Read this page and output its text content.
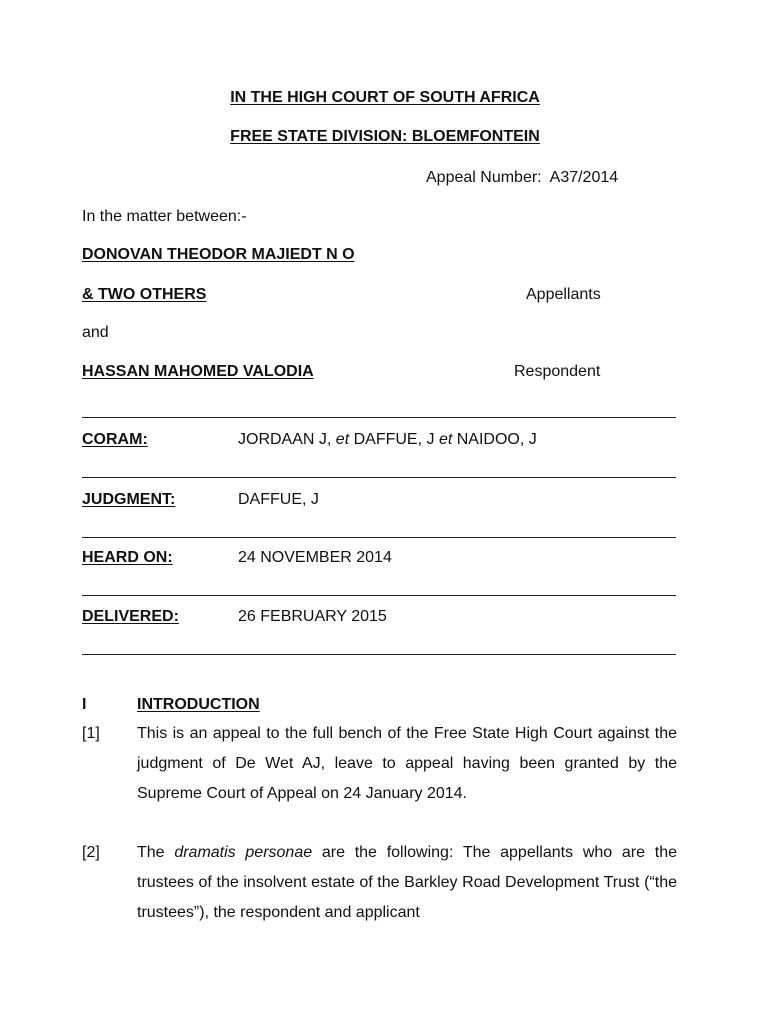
IN THE HIGH COURT OF SOUTH AFRICA
FREE STATE DIVISION: BLOEMFONTEIN
Appeal Number: A37/2014
In the matter between:-
DONOVAN THEODOR MAJIEDT N O
& TWO OTHERS	Appellants
and
HASSAN MAHOMED VALODIA	Respondent
CORAM:	JORDAAN J, et DAFFUE, J et NAIDOO, J
JUDGMENT:	DAFFUE, J
HEARD ON:	24 NOVEMBER 2014
DELIVERED:	26 FEBRUARY 2015
I	INTRODUCTION
[1] This is an appeal to the full bench of the Free State High Court against the judgment of De Wet AJ, leave to appeal having been granted by the Supreme Court of Appeal on 24 January 2014.
[2] The dramatis personae are the following: The appellants who are the trustees of the insolvent estate of the Barkley Road Development Trust (“the trustees”), the respondent and applicant
